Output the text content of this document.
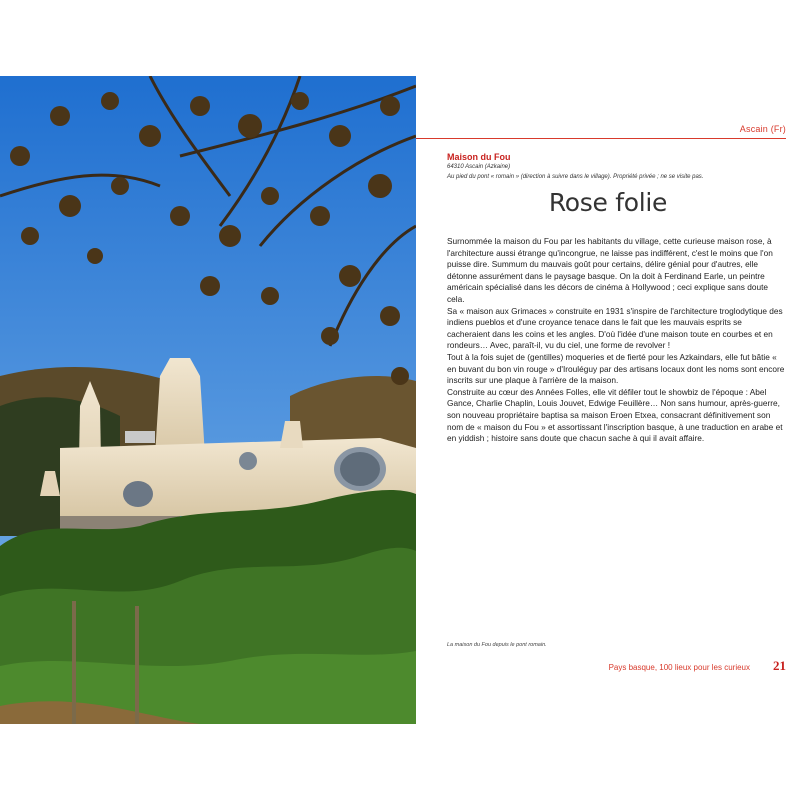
Ascain (Fr)
Maison du Fou
64310 Ascain (Azkaine)
Au pied du pont « romain » (direction à suivre dans le village). Propriété privée ; ne se visite pas.
Rose folie

Surnommée la maison du Fou par les habitants du village, cette curieuse maison rose, à l'architecture aussi étrange qu'incongrue, ne laisse pas indifférent, c'est le moins que l'on puisse dire. Summum du mauvais goût pour certains, délire génial pour d'autres, elle détonne assurément dans le paysage basque. On la doit à Ferdinand Earle, un peintre américain spécialisé dans les décors de cinéma à Hollywood ; ceci explique sans doute cela.

Sa « maison aux Grimaces » construite en 1931 s'inspire de l'architecture troglodytique des indiens pueblos et d'une croyance tenace dans le fait que les mauvais esprits se cacheraient dans les coins et les angles. D'où l'idée d'une maison toute en courbes et en rondeurs… Avec, paraît-il, vu du ciel, une forme de revolver !

Tout à la fois sujet de (gentilles) moqueries et de fierté pour les Azkaindars, elle fut bâtie « en buvant du bon vin rouge » d'Irouléguy par des artisans locaux dont les noms sont encore inscrits sur une plaque à l'arrière de la maison.

Construite au cœur des Années Folles, elle vit défiler tout le showbiz de l'époque : Abel Gance, Charlie Chaplin, Louis Jouvet, Edwige Feuillère… Non sans humour, après-guerre, son nouveau propriétaire baptisa sa maison Eroen Etxea, consacrant définitivement son nom de « maison du Fou » et assortissant l'inscription basque, à une traduction en arabe et en yiddish ; histoire sans doute que chacun sache à qui il avait affaire.

La maison du Fou depuis le pont romain.
Pays basque, 100 lieux pour les curieux 21
